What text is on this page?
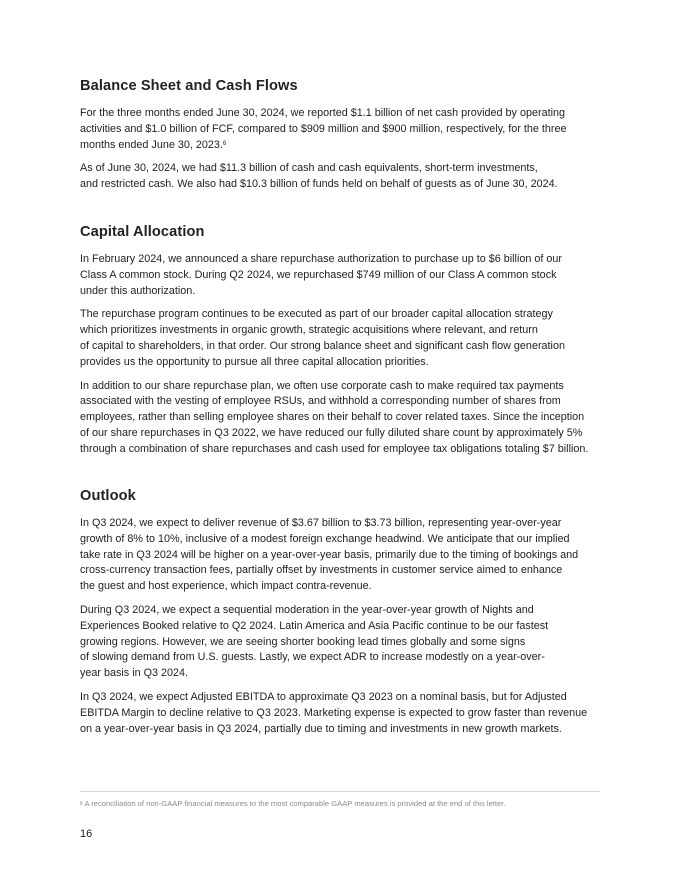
Balance Sheet and Cash Flows

For the three months ended June 30, 2024, we reported $1.1 billion of net cash provided by operating
activities and $1.0 billion of FCF, compared to $909 million and $900 million, respectively, for the three
months ended June 30, 2023.$^6$

As of June 30, 2024, we had $11.3 billion of cash and cash equivalents, short-term investments,
and restricted cash. We also had $10.3 billion of funds held on behalf of guests as of June 30, 2024.

Capital Allocation

In February 2024, we announced a share repurchase authorization to purchase up to $6 billion of our
Class A common stock. During Q2 2024, we repurchased $749 million of our Class A common stock
under this authorization.

The repurchase program continues to be executed as part of our broader capital allocation strategy
which prioritizes investments in organic growth, strategic acquisitions where relevant, and return
of capital to shareholders, in that order. Our strong balance sheet and significant cash flow generation
provides us the opportunity to pursue all three capital allocation priorities.

In addition to our share repurchase plan, we often use corporate cash to make required tax payments
associated with the vesting of employee RSUs, and withhold a corresponding number of shares from
employees, rather than selling employee shares on their behalf to cover related taxes. Since the inception
of our share repurchases in Q3 2022, we have reduced our fully diluted share count by approximately 5%
through a combination of share repurchases and cash used for employee tax obligations totaling $7 billion.

Outlook

In Q3 2024, we expect to deliver revenue of $3.67 billion to $3.73 billion, representing year-over-year
growth of 8% to 10%, inclusive of a modest foreign exchange headwind. We anticipate that our implied
take rate in Q3 2024 will be higher on a year-over-year basis, primarily due to the timing of bookings and
cross-currency transaction fees, partially offset by investments in customer service aimed to enhance
the guest and host experience, which impact contra-revenue.

During Q3 2024, we expect a sequential moderation in the year-over-year growth of Nights and
Experiences Booked relative to Q2 2024. Latin America and Asia Pacific continue to be our fastest
growing regions. However, we are seeing shorter booking lead times globally and some signs
of slowing demand from U.S. guests. Lastly, we expect ADR to increase modestly on a year-over-
year basis in Q3 2024.

In Q3 2024, we expect Adjusted EBITDA to approximate Q3 2023 on a nominal basis, but for Adjusted
EBITDA Margin to decline relative to Q3 2023. Marketing expense is expected to grow faster than revenue
on a year-over-year basis in Q3 2024, partially due to timing and investments in new growth markets.

$^6$ A reconciliation of non-GAAP financial measures to the most comparable GAAP measures is provided at the end of this letter.
16
